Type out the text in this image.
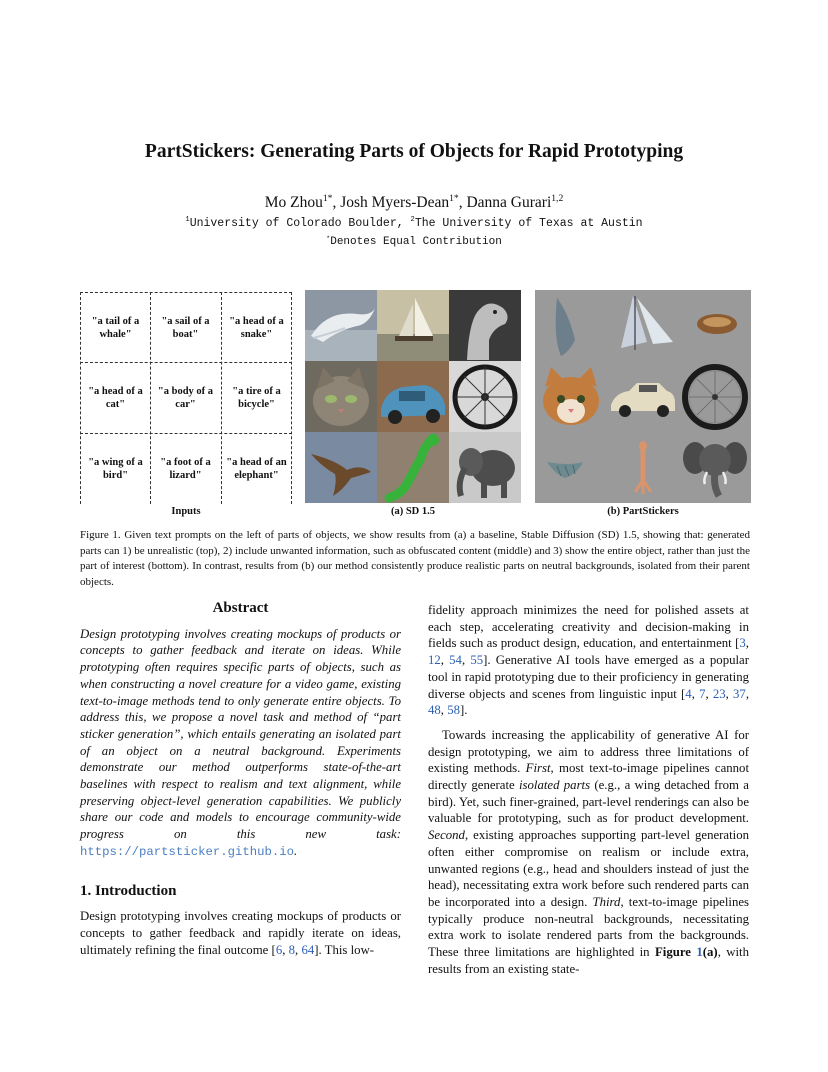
PartStickers: Generating Parts of Objects for Rapid Prototyping
Mo Zhou$^{1*}$, Josh Myers-Dean$^{1*}$, Danna Gurari$^{1,2}$
$^1$University of Colorado Boulder, $^2$The University of Texas at Austin
*Denotes Equal Contribution
"a tail of a whale"
"a sail of a boat"
"a head of a snake"
"a head of a cat"
"a body of a car"
"a tire of a bicycle"
"a wing of a bird"
"a foot of a lizard"
"a head of an elephant"
Inputs	(a) SD 1.5	(b) PartStickers
Figure 1. Given text prompts on the left of parts of objects, we show results from (a) a baseline, Stable Diffusion (SD) 1.5, showing that: generated parts can 1) be unrealistic (top), 2) include unwanted information, such as obfuscated content (middle) and 3) show the entire object, rather than just the part of interest (bottom). In contrast, results from (b) our method consistently produce realistic parts on neutral backgrounds, isolated from their parent objects.
Abstract

Design prototyping involves creating mockups of products or concepts to gather feedback and iterate on ideas. While prototyping often requires specific parts of objects, such as when constructing a novel creature for a video game, existing text-to-image methods tend to only generate entire objects. To address this, we propose a novel task and method of “part sticker generation”, which entails generating an isolated part of an object on a neutral background. Experiments demonstrate our method outperforms state-of-the-art baselines with respect to realism and text alignment, while preserving object-level generation capabilities. We publicly share our code and models to encourage community-wide progress on this new task: https://partsticker.github.io.

1. Introduction

Design prototyping involves creating mockups of products or concepts to gather feedback and rapidly iterate on ideas, ultimately refining the final outcome [6, 8, 64]. This low-

fidelity approach minimizes the need for polished assets at each step, accelerating creativity and decision-making in fields such as product design, education, and entertainment [3, 12, 54, 55]. Generative AI tools have emerged as a popular tool in rapid prototyping due to their proficiency in generating diverse objects and scenes from linguistic input [4, 7, 23, 37, 48, 58].

Towards increasing the applicability of generative AI for design prototyping, we aim to address three limitations of existing methods. First, most text-to-image pipelines cannot directly generate isolated parts (e.g., a wing detached from a bird). Yet, such finer-grained, part-level renderings can also be valuable for prototyping, such as for product development. Second, existing approaches supporting part-level generation often either compromise on realism or include extra, unwanted regions (e.g., head and shoulders instead of just the head), necessitating extra work before such rendered parts can be incorporated into a design. Third, text-to-image pipelines typically produce non-neutral backgrounds, necessitating extra work to isolate rendered parts from the backgrounds. These three limitations are highlighted in Figure 1(a), with results from an existing state-
